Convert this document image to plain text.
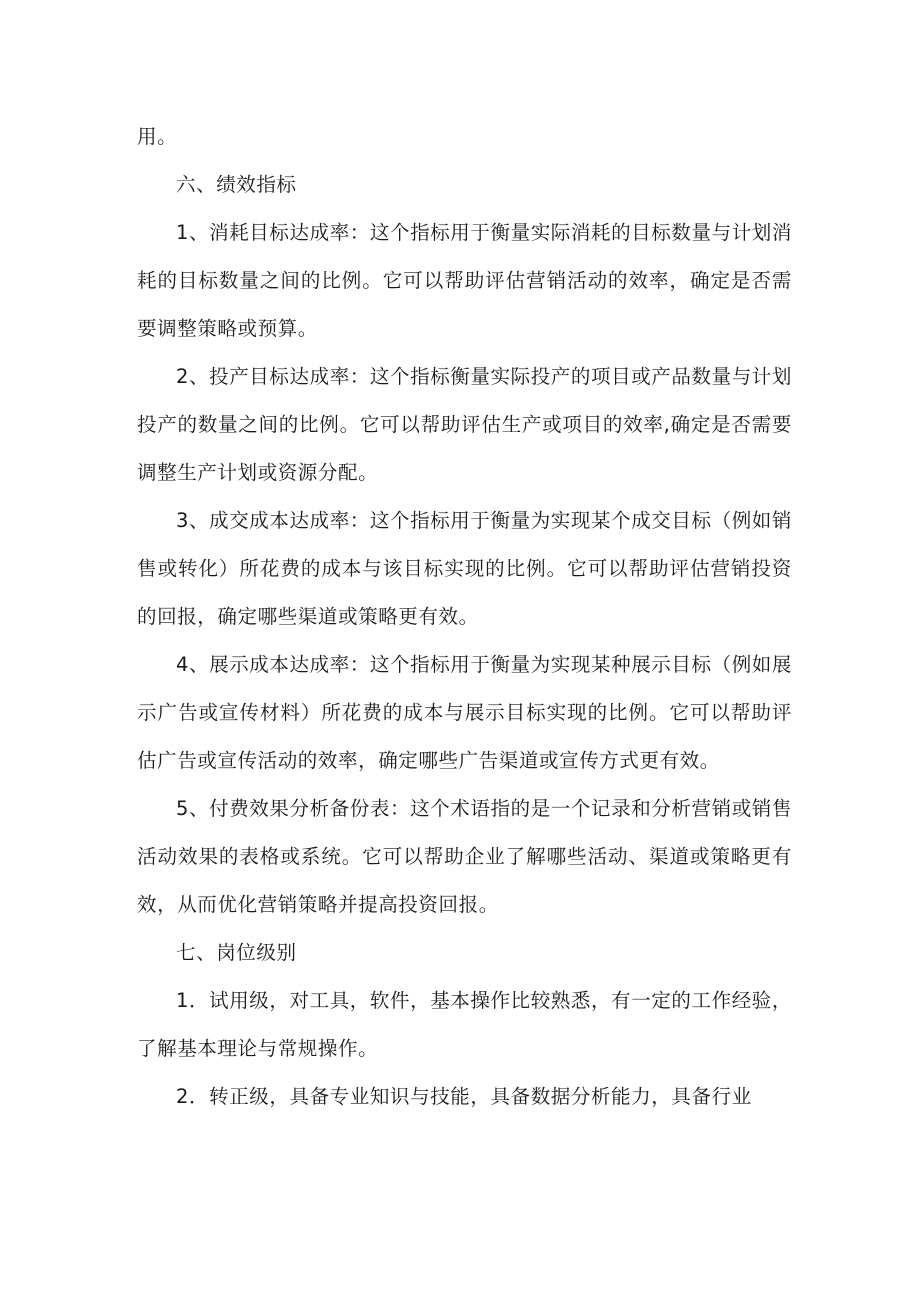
用。

六、绩效指标

1、消耗目标达成率：这个指标用于衡量实际消耗的目标数量与计划消耗的目标数量之间的比例。它可以帮助评估营销活动的效率，确定是否需要调整策略或预算。

2、投产目标达成率：这个指标衡量实际投产的项目或产品数量与计划投产的数量之间的比例。它可以帮助评估生产或项目的效率,确定是否需要调整生产计划或资源分配。

3、成交成本达成率：这个指标用于衡量为实现某个成交目标（例如销售或转化）所花费的成本与该目标实现的比例。它可以帮助评估营销投资的回报，确定哪些渠道或策略更有效。

4、展示成本达成率：这个指标用于衡量为实现某种展示目标（例如展示广告或宣传材料）所花费的成本与展示目标实现的比例。它可以帮助评估广告或宣传活动的效率，确定哪些广告渠道或宣传方式更有效。

5、付费效果分析备份表：这个术语指的是一个记录和分析营销或销售活动效果的表格或系统。它可以帮助企业了解哪些活动、渠道或策略更有效，从而优化营销策略并提高投资回报。

七、岗位级别

1．试用级，对工具，软件，基本操作比较熟悉，有一定的工作经验，了解基本理论与常规操作。

2．转正级，具备专业知识与技能，具备数据分析能力，具备行业
